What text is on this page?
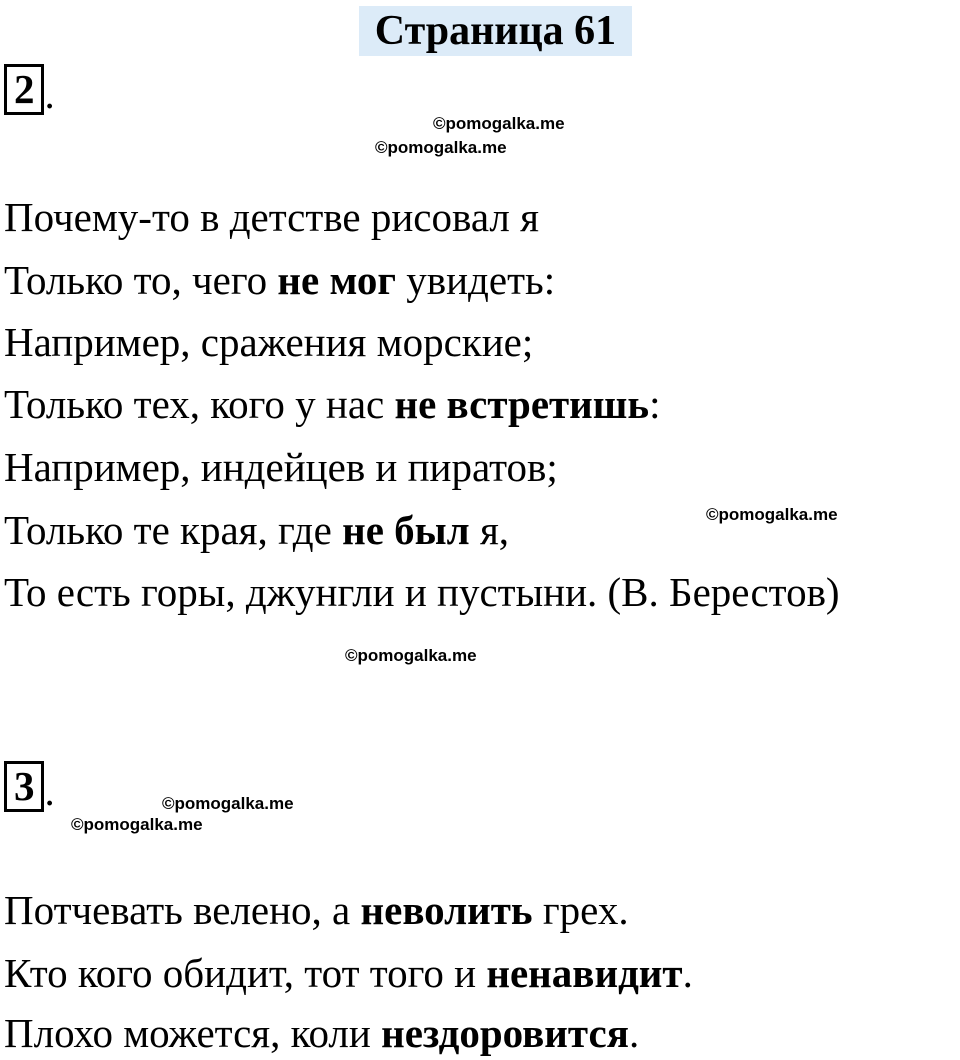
Страница 61
2 .
©pomogalka.me
©pomogalka.me
Почему-то в детстве рисовал я
Только то, чего не мог увидеть:
Например, сражения морские;
Только тех, кого у нас не встретишь:
Например, индейцев и пиратов;
Только те края, где не был я,
То есть горы, джунгли и пустыни. (В. Берестов)
©pomogalka.me
©pomogalka.me
3 .	©pomogalka.me
©pomogalka.me
Потчевать велено, а неволить грех.
Кто кого обидит, тот того и ненавидит.
Плохо можется, коли нездоровится.
